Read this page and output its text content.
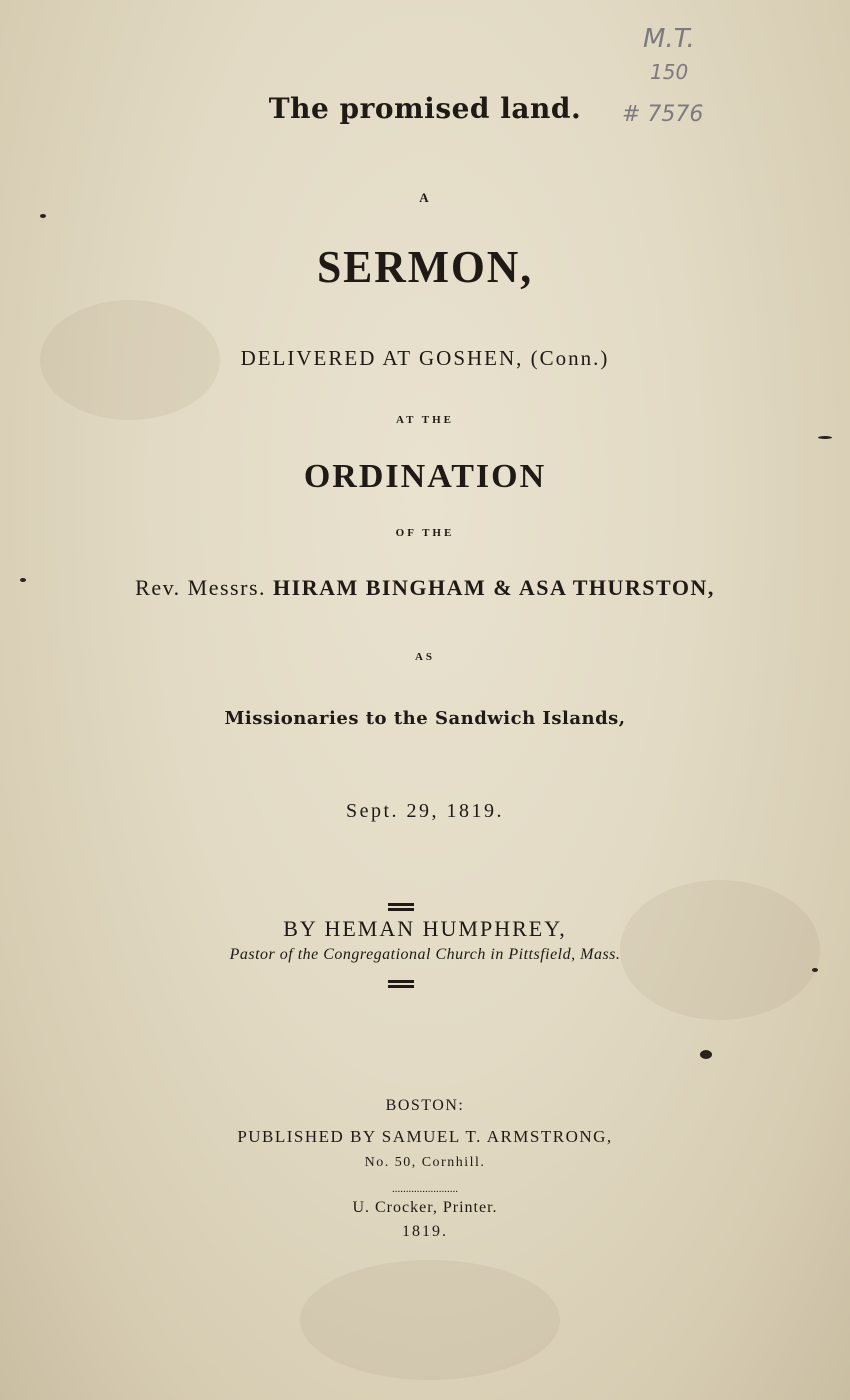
M.T.
150
# 7576
The promised land.
A
SERMON,
DELIVERED AT GOSHEN, (Conn.)
AT THE
ORDINATION
OF THE
Rev. Messrs. HIRAM BINGHAM & ASA THURSTON,
AS
Missionaries to the Sandwich Islands,
Sept. 29, 1819.
BY HEMAN HUMPHREY,
Pastor of the Congregational Church in Pittsfield, Mass.
BOSTON:
PUBLISHED BY SAMUEL T. ARMSTRONG,
No. 50, Cornhill.
........................
U. Crocker, Printer.
1819.
